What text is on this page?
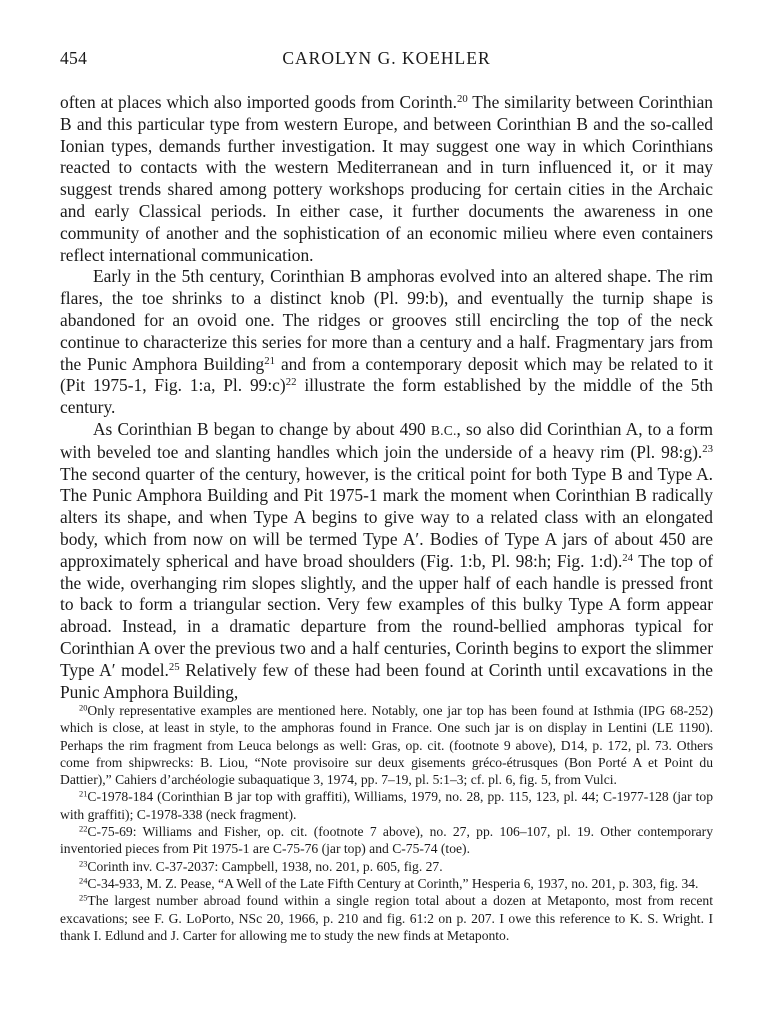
454	CAROLYN G. KOEHLER

often at places which also imported goods from Corinth.$^{20}$ The similarity between Corinthian B and this particular type from western Europe, and between Corinthian B and the so-called Ionian types, demands further investigation. It may suggest one way in which Corinthians reacted to contacts with the western Mediterranean and in turn influenced it, or it may suggest trends shared among pottery workshops producing for certain cities in the Archaic and early Classical periods. In either case, it further documents the awareness in one community of another and the sophistication of an economic milieu where even containers reflect international communication.

Early in the 5th century, Corinthian B amphoras evolved into an altered shape. The rim flares, the toe shrinks to a distinct knob (Pl. 99:b), and eventually the turnip shape is abandoned for an ovoid one. The ridges or grooves still encircling the top of the neck continue to characterize this series for more than a century and a half. Fragmentary jars from the Punic Amphora Building$^{21}$ and from a contemporary deposit which may be related to it (Pit 1975-1, Fig. 1:a, Pl. 99:c)$^{22}$ illustrate the form established by the middle of the 5th century.

As Corinthian B began to change by about 490 B.C., so also did Corinthian A, to a form with beveled toe and slanting handles which join the underside of a heavy rim (Pl. 98:g).$^{23}$ The second quarter of the century, however, is the critical point for both Type B and Type A. The Punic Amphora Building and Pit 1975-1 mark the moment when Corinthian B radically alters its shape, and when Type A begins to give way to a related class with an elongated body, which from now on will be termed Type A′. Bodies of Type A jars of about 450 are approximately spherical and have broad shoulders (Fig. 1:b, Pl. 98:h; Fig. 1:d).$^{24}$ The top of the wide, overhanging rim slopes slightly, and the upper half of each handle is pressed front to back to form a triangular section. Very few examples of this bulky Type A form appear abroad. Instead, in a dramatic departure from the round-bellied amphoras typical for Corinthian A over the previous two and a half centuries, Corinth begins to export the slimmer Type A′ model.$^{25}$ Relatively few of these had been found at Corinth until excavations in the Punic Amphora Building,

$^{20}$Only representative examples are mentioned here. Notably, one jar top has been found at Isthmia (IPG 68-252) which is close, at least in style, to the amphoras found in France. One such jar is on display in Lentini (LE 1190). Perhaps the rim fragment from Leuca belongs as well: Gras, op. cit. (footnote 9 above), D14, p. 172, pl. 73. Others come from shipwrecks: B. Liou, “Note provisoire sur deux gisements gréco-étrusques (Bon Porté A et Point du Dattier),” Cahiers d’archéologie subaquatique 3, 1974, pp. 7–19, pl. 5:1–3; cf. pl. 6, fig. 5, from Vulci.

$^{21}$C-1978-184 (Corinthian B jar top with graffiti), Williams, 1979, no. 28, pp. 115, 123, pl. 44; C-1977-128 (jar top with graffiti); C-1978-338 (neck fragment).

$^{22}$C-75-69: Williams and Fisher, op. cit. (footnote 7 above), no. 27, pp. 106–107, pl. 19. Other contemporary inventoried pieces from Pit 1975-1 are C-75-76 (jar top) and C-75-74 (toe).

$^{23}$Corinth inv. C-37-2037: Campbell, 1938, no. 201, p. 605, fig. 27.

$^{24}$C-34-933, M. Z. Pease, “A Well of the Late Fifth Century at Corinth,” Hesperia 6, 1937, no. 201, p. 303, fig. 34.

$^{25}$The largest number abroad found within a single region total about a dozen at Metaponto, most from recent excavations; see F. G. LoPorto, NSc 20, 1966, p. 210 and fig. 61:2 on p. 207. I owe this reference to K. S. Wright. I thank I. Edlund and J. Carter for allowing me to study the new finds at Metaponto.
